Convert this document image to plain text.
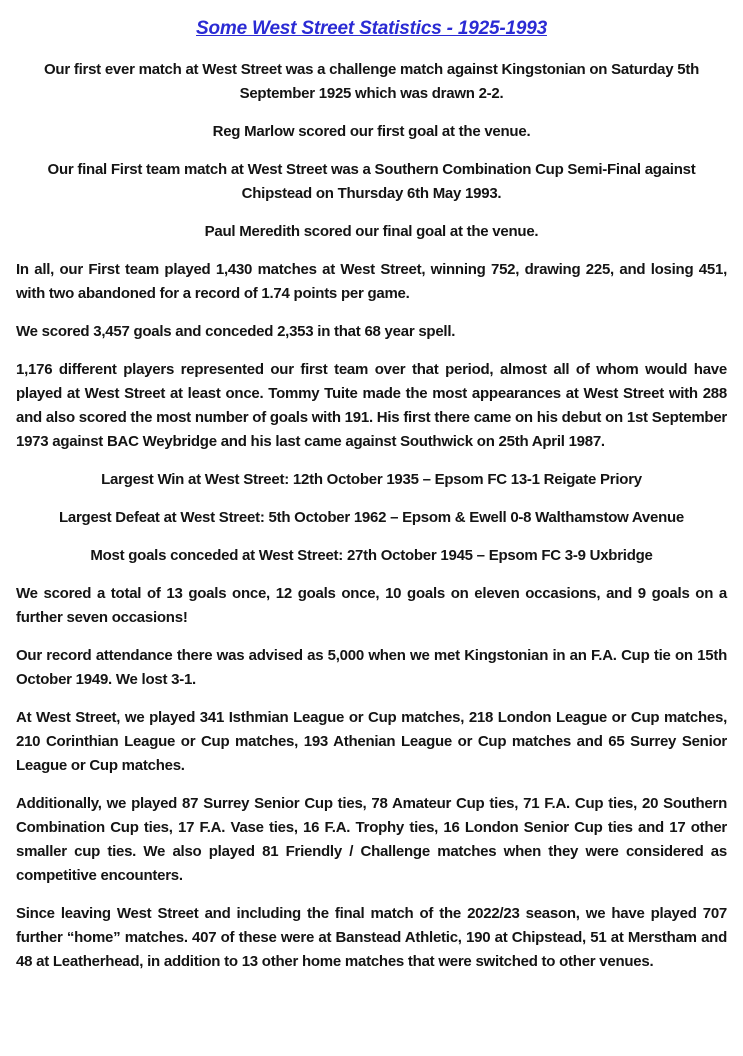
Some West Street Statistics - 1925-1993

Our first ever match at West Street was a challenge match against Kingstonian on Saturday 5th September 1925 which was drawn 2-2.

Reg Marlow scored our first goal at the venue.

Our final First team match at West Street was a Southern Combination Cup Semi-Final against Chipstead on Thursday 6th May 1993.

Paul Meredith scored our final goal at the venue.

In all, our First team played 1,430 matches at West Street, winning 752, drawing 225, and losing 451, with two abandoned for a record of 1.74 points per game.

We scored 3,457 goals and conceded 2,353 in that 68 year spell.

1,176 different players represented our first team over that period, almost all of whom would have played at West Street at least once. Tommy Tuite made the most appearances at West Street with 288 and also scored the most number of goals with 191. His first there came on his debut on 1st September 1973 against BAC Weybridge and his last came against Southwick on 25th April 1987.

Largest Win at West Street: 12th October 1935 – Epsom FC 13-1 Reigate Priory

Largest Defeat at West Street: 5th October 1962 – Epsom & Ewell 0-8 Walthamstow Avenue

Most goals conceded at West Street: 27th October 1945 – Epsom FC 3-9 Uxbridge

We scored a total of 13 goals once, 12 goals once, 10 goals on eleven occasions, and 9 goals on a further seven occasions!

Our record attendance there was advised as 5,000 when we met Kingstonian in an F.A. Cup tie on 15th October 1949. We lost 3-1.

At West Street, we played 341 Isthmian League or Cup matches, 218 London League or Cup matches, 210 Corinthian League or Cup matches, 193 Athenian League or Cup matches and 65 Surrey Senior League or Cup matches.

Additionally, we played 87 Surrey Senior Cup ties, 78 Amateur Cup ties, 71 F.A. Cup ties, 20 Southern Combination Cup ties, 17 F.A. Vase ties, 16 F.A. Trophy ties, 16 London Senior Cup ties and 17 other smaller cup ties. We also played 81 Friendly / Challenge matches when they were considered as competitive encounters.

Since leaving West Street and including the final match of the 2022/23 season, we have played 707 further “home” matches. 407 of these were at Banstead Athletic, 190 at Chipstead, 51 at Merstham and 48 at Leatherhead, in addition to 13 other home matches that were switched to other venues.
